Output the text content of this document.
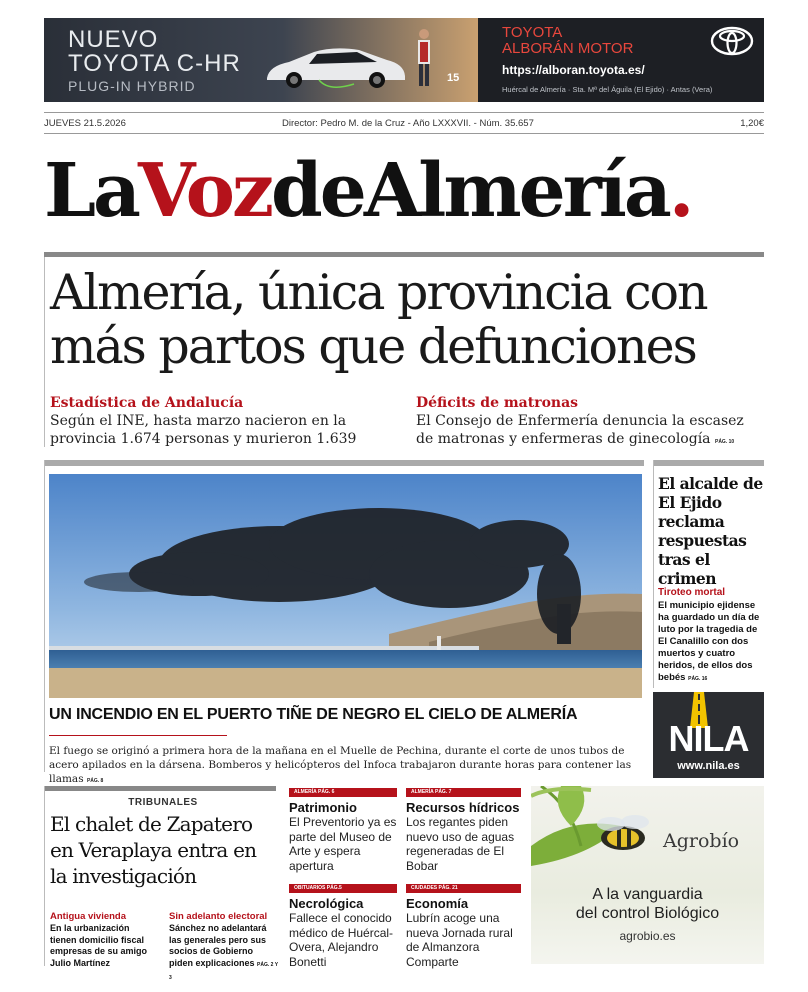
NUEVO
TOYOTA C-HR
PLUG-IN HYBRID	15
TOYOTA
ALBORÁN MOTOR
https://alboran.toyota.es/
Huércal de Almería · Sta. Mª del Águila (El Ejido) · Antas (Vera)
JUEVES 21.5.2026	Director: Pedro M. de la Cruz - Año LXXXVII. - Núm. 35.657	1,20€
LaVozdeAlmería.
Almería, única provincia con más partos que defunciones
Estadística de Andalucía
Según el INE, hasta marzo nacieron en la provincia 1.674 personas y murieron 1.639
Déficits de matronas
El Consejo de Enfermería denuncia la escasez de matronas y enfermeras de ginecología PÁG. 10
UN INCENDIO EN EL PUERTO TIÑE DE NEGRO EL CIELO DE ALMERÍA
El fuego se originó a primera hora de la mañana en el Muelle de Pechina, durante el corte de unos tubos de acero apilados en la dársena. Bomberos y helicópteros del Infoca trabajaron durante horas para contener las llamas PÁG. 8
El alcalde de El Ejido reclama respuestas tras el crimen
Tiroteo mortal
El municipio ejidense ha guardado un día de luto por la tragedia de El Canalillo con dos muertos y cuatro heridos, de ellos dos bebés PÁG. 16
NILA
www.nila.es
TRIBUNALES
El chalet de Zapatero en Veraplaya entra en la investigación
Antigua vivienda
En la urbanización tienen domicilio fiscal empresas de su amigo Julio Martínez
Sin adelanto electoral
Sánchez no adelantará las generales pero sus socios de Gobierno piden explicaciones PÁG. 2 Y 3
ALMERÍA PÁG. 6
Patrimonio
El Preventorio ya es parte del Museo de Arte y espera apertura
ALMERÍA PÁG. 7
Recursos hídricos
Los regantes piden nuevo uso de aguas regeneradas de El Bobar
OBITUARIOS PÁG.5
Necrológica
Fallece el conocido médico de Huércal-Overa, Alejandro Bonetti
CIUDADES PÁG. 21
Economía
Lubrín acoge una nueva Jornada rural de Almanzora Comparte
Agrobío
A la vanguardia
del control Biológico
agrobio.es
